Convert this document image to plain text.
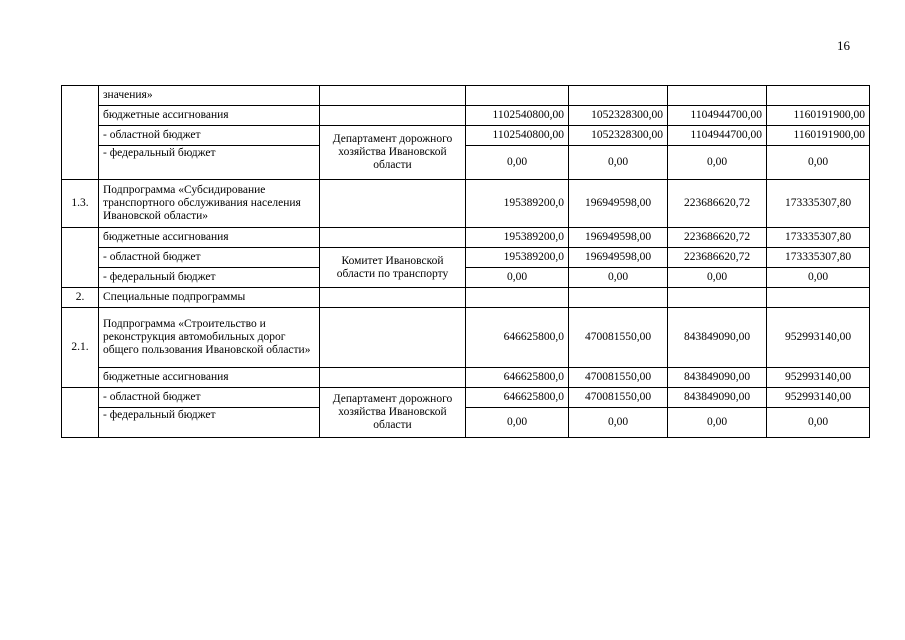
16
	значения»					
	бюджетные ассигнования		1102540800,00	1052328300,00	1104944700,00	1160191900,00
	- областной бюджет	Департамент дорожного хозяйства Ивановской области	1102540800,00	1052328300,00	1104944700,00	1160191900,00
	- федеральный бюджет		0,00	0,00	0,00	0,00
1.3.	Подпрограмма «Субсидирование транспортного обслуживания населения Ивановской области»		195389200,0	196949598,00	223686620,72	173335307,80
	бюджетные ассигнования		195389200,0	196949598,00	223686620,72	173335307,80
	- областной бюджет	Комитет Ивановской области по транспорту	195389200,0	196949598,00	223686620,72	173335307,80
	- федеральный бюджет		0,00	0,00	0,00	0,00
2.	Специальные подпрограммы					
2.1.	Подпрограмма «Строительство и реконструкция автомобильных дорог общего пользования Ивановской области»		646625800,0	470081550,00	843849090,00	952993140,00
	бюджетные ассигнования		646625800,0	470081550,00	843849090,00	952993140,00
	- областной бюджет	Департамент дорожного хозяйства Ивановской области	646625800,0	470081550,00	843849090,00	952993140,00
	- федеральный бюджет		0,00	0,00	0,00	0,00
